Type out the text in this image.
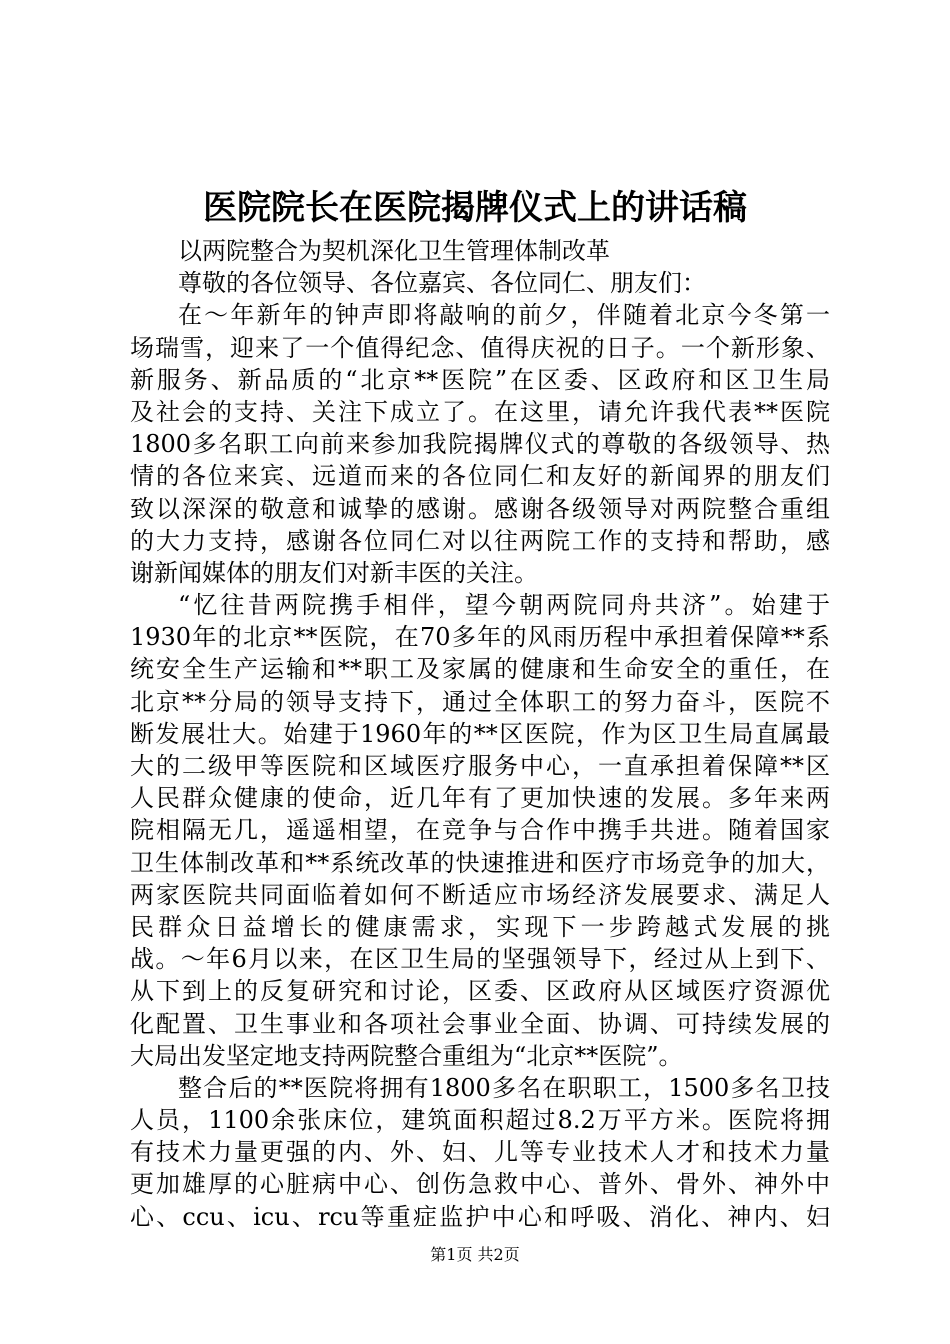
医院院长在医院揭牌仪式上的讲话稿
以两院整合为契机深化卫生管理体制改革
尊敬的各位领导、各位嘉宾、各位同仁、朋友们：
在～年新年的钟声即将敲响的前夕，伴随着北京今冬第一
场瑞雪，迎来了一个值得纪念、值得庆祝的日子。一个新形象、
新服务、新品质的“北京**医院”在区委、区政府和区卫生局
及社会的支持、关注下成立了。在这里，请允许我代表**医院
1800多名职工向前来参加我院揭牌仪式的尊敬的各级领导、热
情的各位来宾、远道而来的各位同仁和友好的新闻界的朋友们
致以深深的敬意和诚挚的感谢。感谢各级领导对两院整合重组
的大力支持，感谢各位同仁对以往两院工作的支持和帮助，感
谢新闻媒体的朋友们对新丰医的关注。
“忆往昔两院携手相伴，望今朝两院同舟共济”。始建于
1930年的北京**医院，在70多年的风雨历程中承担着保障**系
统安全生产运输和**职工及家属的健康和生命安全的重任，在
北京**分局的领导支持下，通过全体职工的努力奋斗，医院不
断发展壮大。始建于1960年的**区医院，作为区卫生局直属最
大的二级甲等医院和区域医疗服务中心，一直承担着保障**区
人民群众健康的使命，近几年有了更加快速的发展。多年来两
院相隔无几，遥遥相望，在竞争与合作中携手共进。随着国家
卫生体制改革和**系统改革的快速推进和医疗市场竞争的加大，
两家医院共同面临着如何不断适应市场经济发展要求、满足人
民群众日益增长的健康需求，实现下一步跨越式发展的挑
战。～年6月以来，在区卫生局的坚强领导下，经过从上到下、
从下到上的反复研究和讨论，区委、区政府从区域医疗资源优
化配置、卫生事业和各项社会事业全面、协调、可持续发展的
大局出发坚定地支持两院整合重组为“北京**医院”。
整合后的**医院将拥有1800多名在职职工，1500多名卫技
人员，1100余张床位，建筑面积超过8.2万平方米。医院将拥
有技术力量更强的内、外、妇、儿等专业技术人才和技术力量
更加雄厚的心脏病中心、创伤急救中心、普外、骨外、神外中
心、ccu、icu、rcu等重症监护中心和呼吸、消化、神内、妇
第1页 共2页
